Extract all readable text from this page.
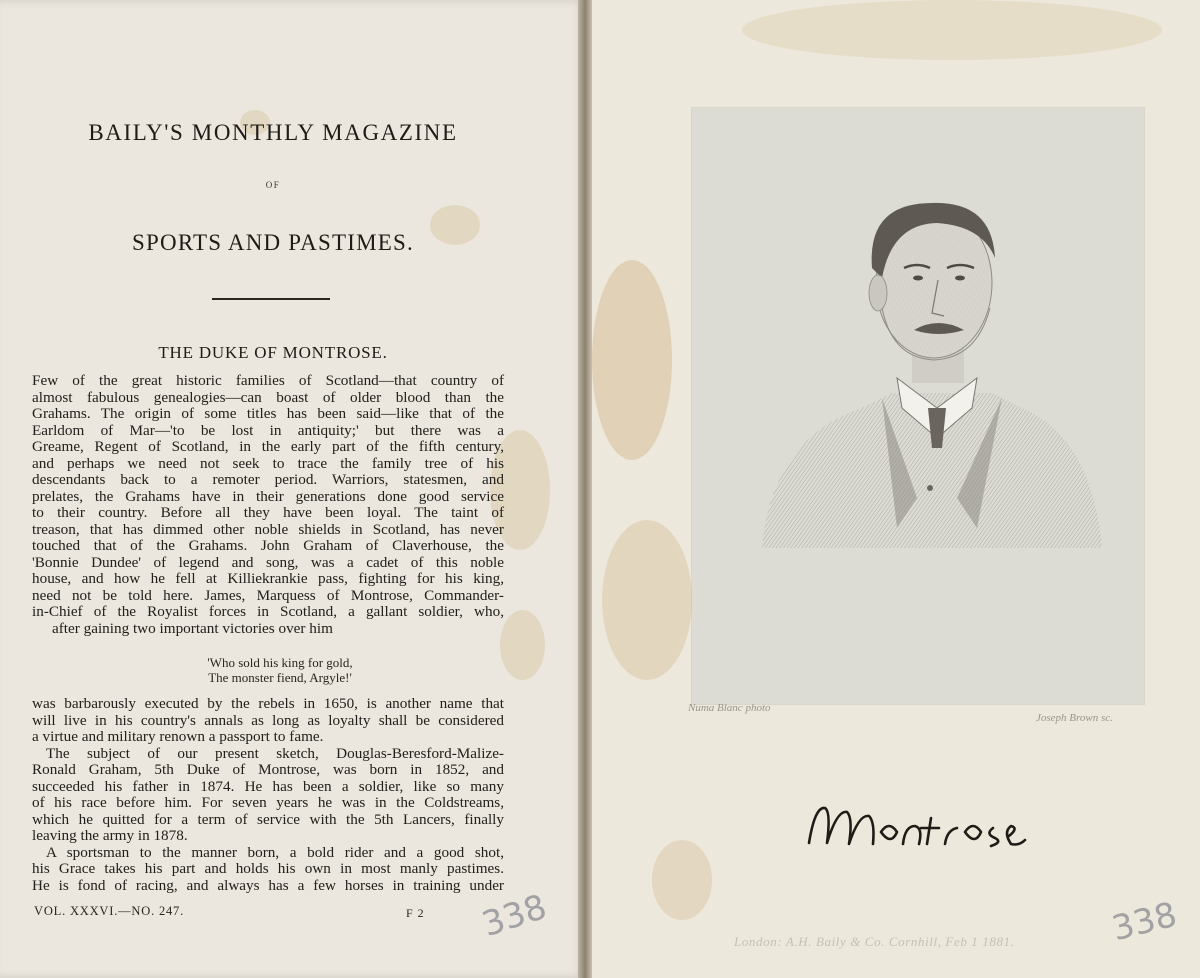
BAILY'S MONTHLY MAGAZINE
OF
SPORTS AND PASTIMES.
THE DUKE OF MONTROSE.
Few of the great historic families of Scotland—that country of
almost fabulous genealogies—can boast of older blood than the
Grahams. The origin of some titles has been said—like that of the
Earldom of Mar—'to be lost in antiquity;' but there was a
Greame, Regent of Scotland, in the early part of the fifth century,
and perhaps we need not seek to trace the family tree of his
descendants back to a remoter period. Warriors, statesmen, and
prelates, the Grahams have in their generations done good service
to their country. Before all they have been loyal. The taint of
treason, that has dimmed other noble shields in Scotland, has never
touched that of the Grahams. John Graham of Claverhouse, the
'Bonnie Dundee' of legend and song, was a cadet of this noble
house, and how he fell at Killiekrankie pass, fighting for his king,
need not be told here. James, Marquess of Montrose, Commander-
in-Chief of the Royalist forces in Scotland, a gallant soldier, who,
after gaining two important victories over him
'Who sold his king for gold,
The monster fiend, Argyle!'
was barbarously executed by the rebels in 1650, is another name that
will live in his country's annals as long as loyalty shall be considered
a virtue and military renown a passport to fame.
The subject of our present sketch, Douglas-Beresford-Malize-
Ronald Graham, 5th Duke of Montrose, was born in 1852, and
succeeded his father in 1874. He has been a soldier, like so many
of his race before him. For seven years he was in the Coldstreams,
which he quitted for a term of service with the 5th Lancers, finally
leaving the army in 1878.
A sportsman to the manner born, a bold rider and a good shot,
his Grace takes his part and holds his own in most manly pastimes.
He is fond of racing, and always has a few horses in training under
VOL. XXXVI.—NO. 247.	F 2 338
Numa Blanc photo
Joseph Brown sc.
London: A.H. Baily & Co. Cornhill, Feb 1 1881.	338
